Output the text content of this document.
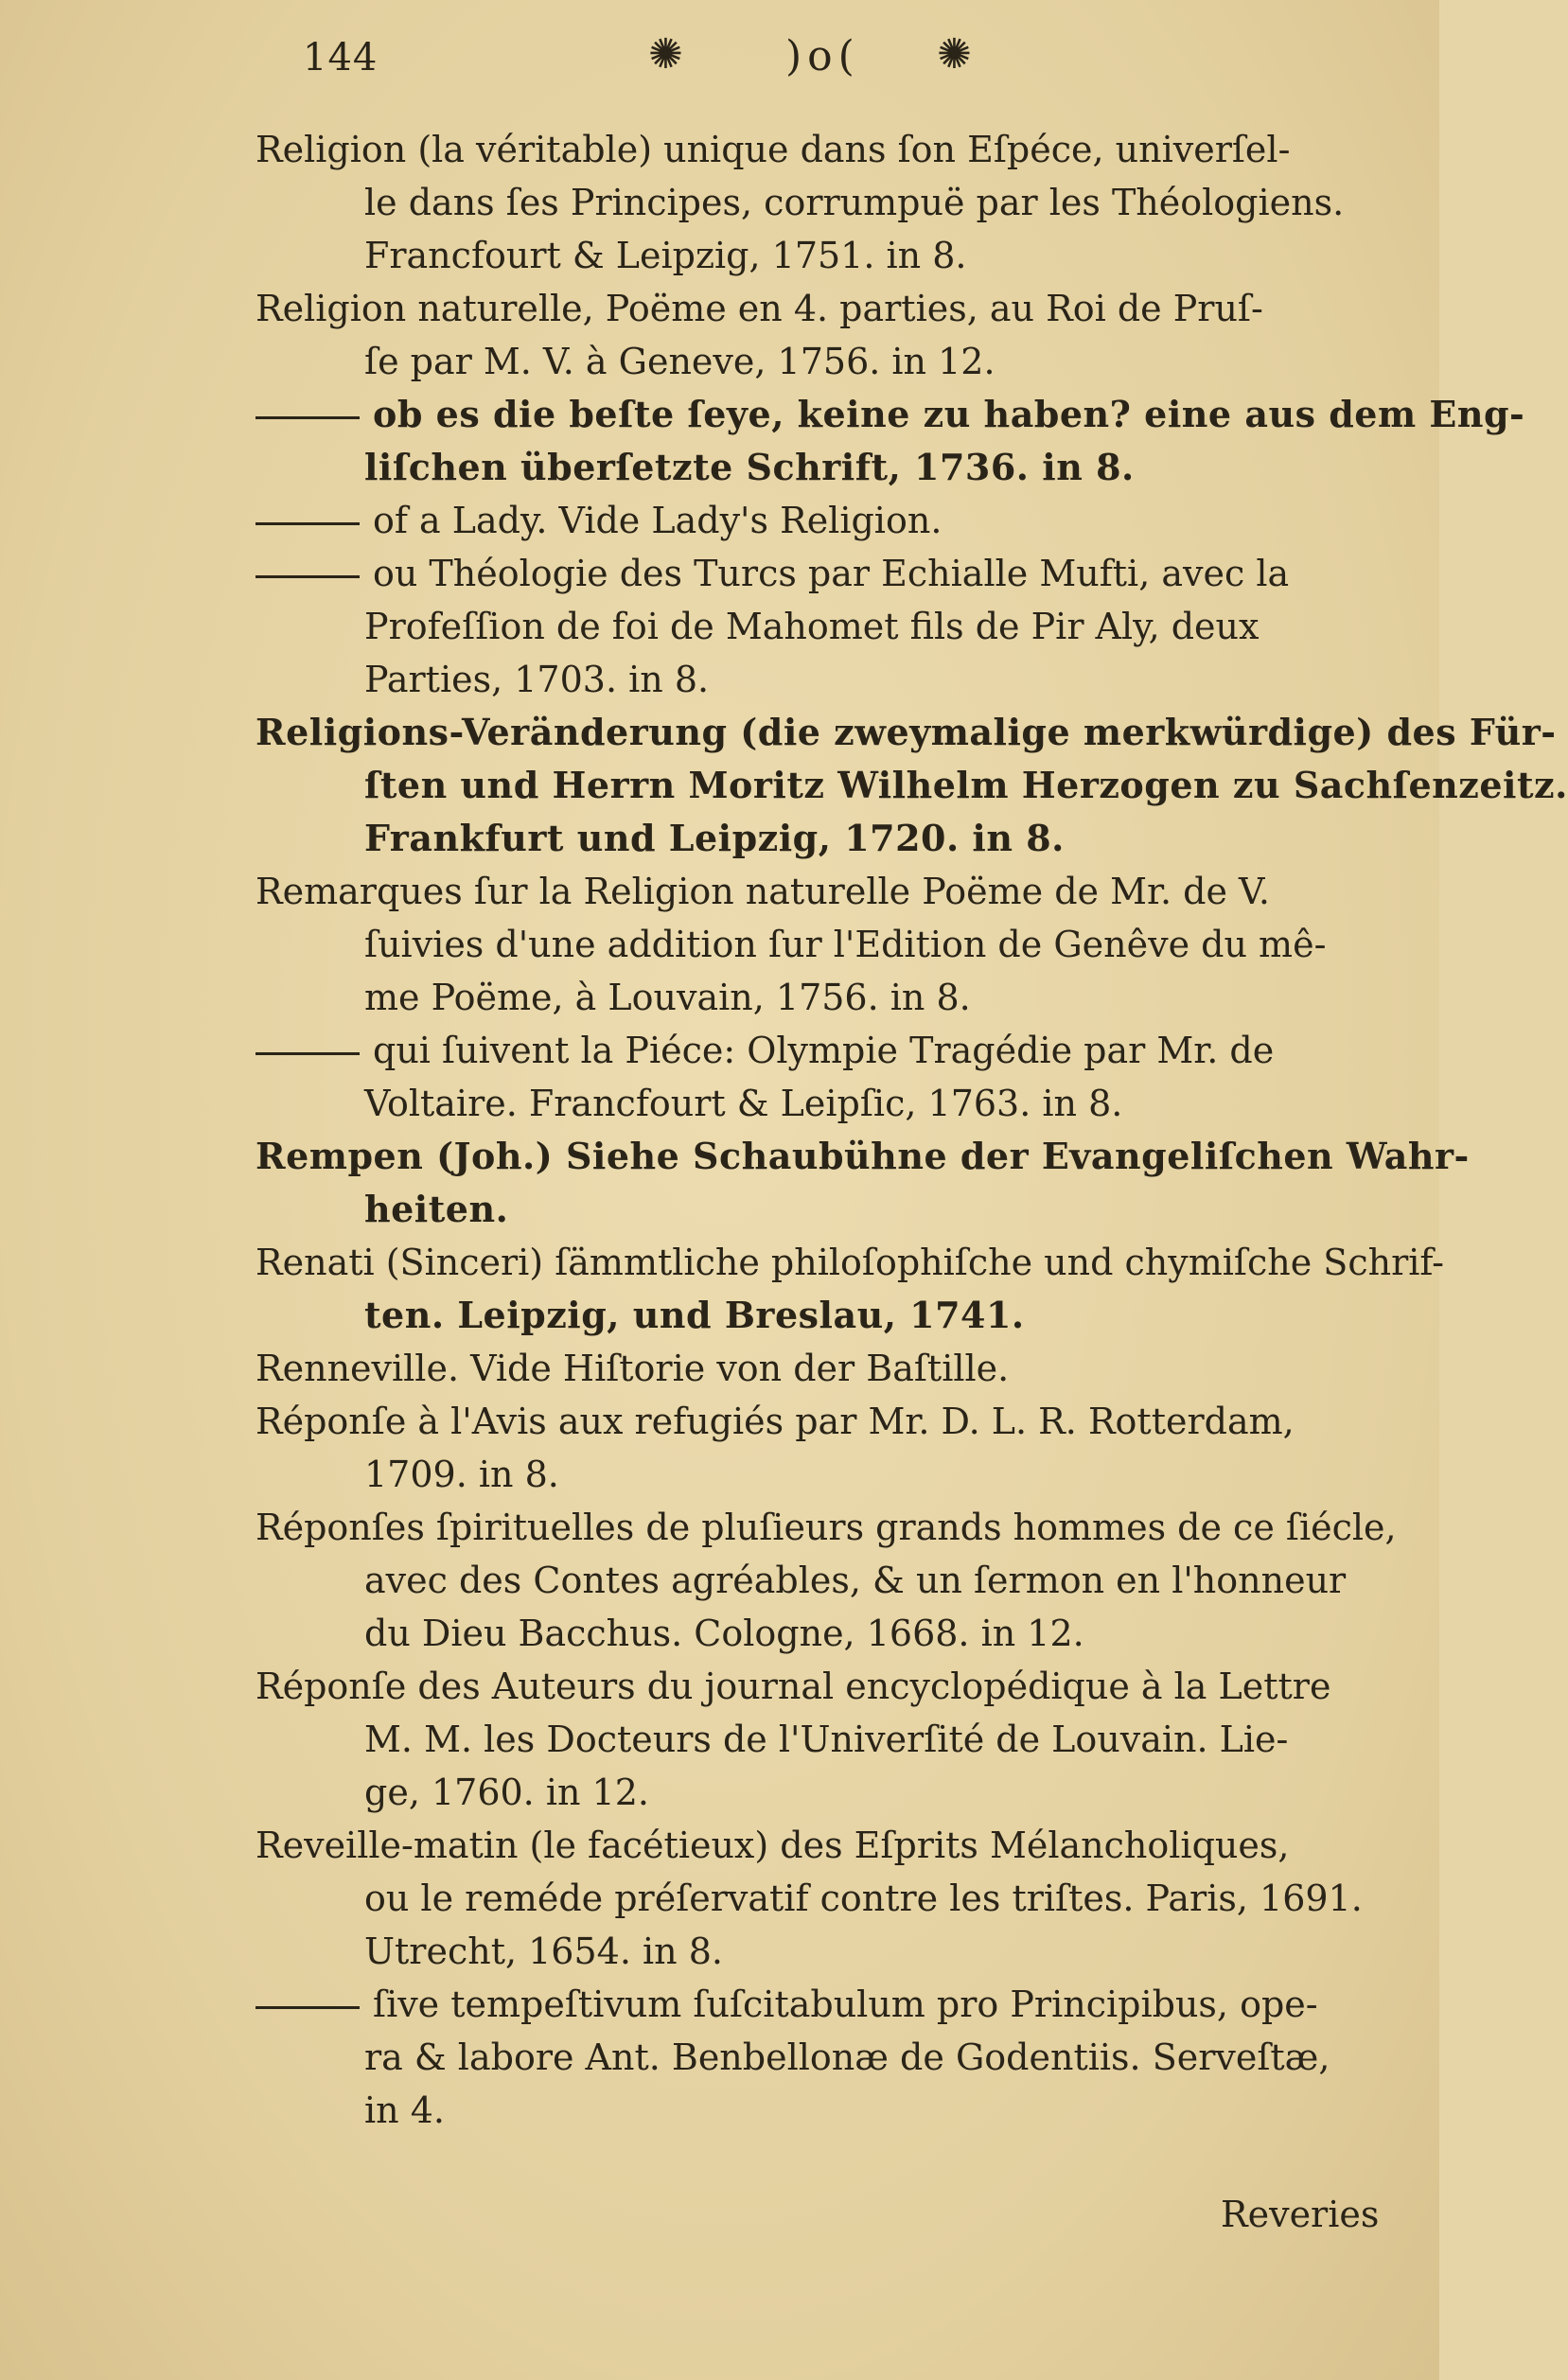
144	✺ )o( ✺

Religion (la véritable) unique dans ſon Eſpéce, univerſel-
le dans ſes Principes, corrumpuë par les Théologiens.
Francfourt & Leipzig, 1751. in 8.

Religion naturelle, Poëme en 4. parties, au Roi de Pruſ-
ſe par M. V. à Geneve, 1756. in 12.

ob es die beſte ſeye, keine zu haben? eine aus dem Eng-
liſchen überſetzte Schrift, 1736. in 8.

of a Lady. Vide Lady's Religion.

ou Théologie des Turcs par Echialle Mufti, avec la
Profeſſion de foi de Mahomet fils de Pir Aly, deux
Parties, 1703. in 8.

Religions-Veränderung (die zweymalige merkwürdige) des Für-
ſten und Herrn Moritz Wilhelm Herzogen zu Sachſenzeitz.
Frankfurt und Leipzig, 1720. in 8.

Remarques ſur la Religion naturelle Poëme de Mr. de V.
ſuivies d'une addition ſur l'Edition de Genêve du mê-
me Poëme, à Louvain, 1756. in 8.

qui ſuivent la Piéce: Olympie Tragédie par Mr. de
Voltaire. Francfourt & Leipſic, 1763. in 8.

Rempen (Joh.) Siehe Schaubühne der Evangeliſchen Wahr-
heiten.

Renati (Sinceri) ſämmtliche philoſophiſche und chymiſche Schrif-
ten. Leipzig, und Breslau, 1741.

Renneville. Vide Hiſtorie von der Baſtille.

Réponſe à l'Avis aux refugiés par Mr. D. L. R. Rotterdam,
1709. in 8.

Réponſes ſpirituelles de pluſieurs grands hommes de ce ſiécle,
avec des Contes agréables, & un ſermon en l'honneur
du Dieu Bacchus. Cologne, 1668. in 12.

Réponſe des Auteurs du journal encyclopédique à la Lettre
M. M. les Docteurs de l'Univerſité de Louvain. Lie-
ge, 1760. in 12.

Reveille-matin (le facétieux) des Eſprits Mélancholiques,
ou le reméde préſervatif contre les triſtes. Paris, 1691.
Utrecht, 1654. in 8.

ſive tempeſtivum ſuſcitabulum pro Principibus, ope-
ra & labore Ant. Benbellonæ de Godentiis. Serveſtæ,
in 4.

Reveries
